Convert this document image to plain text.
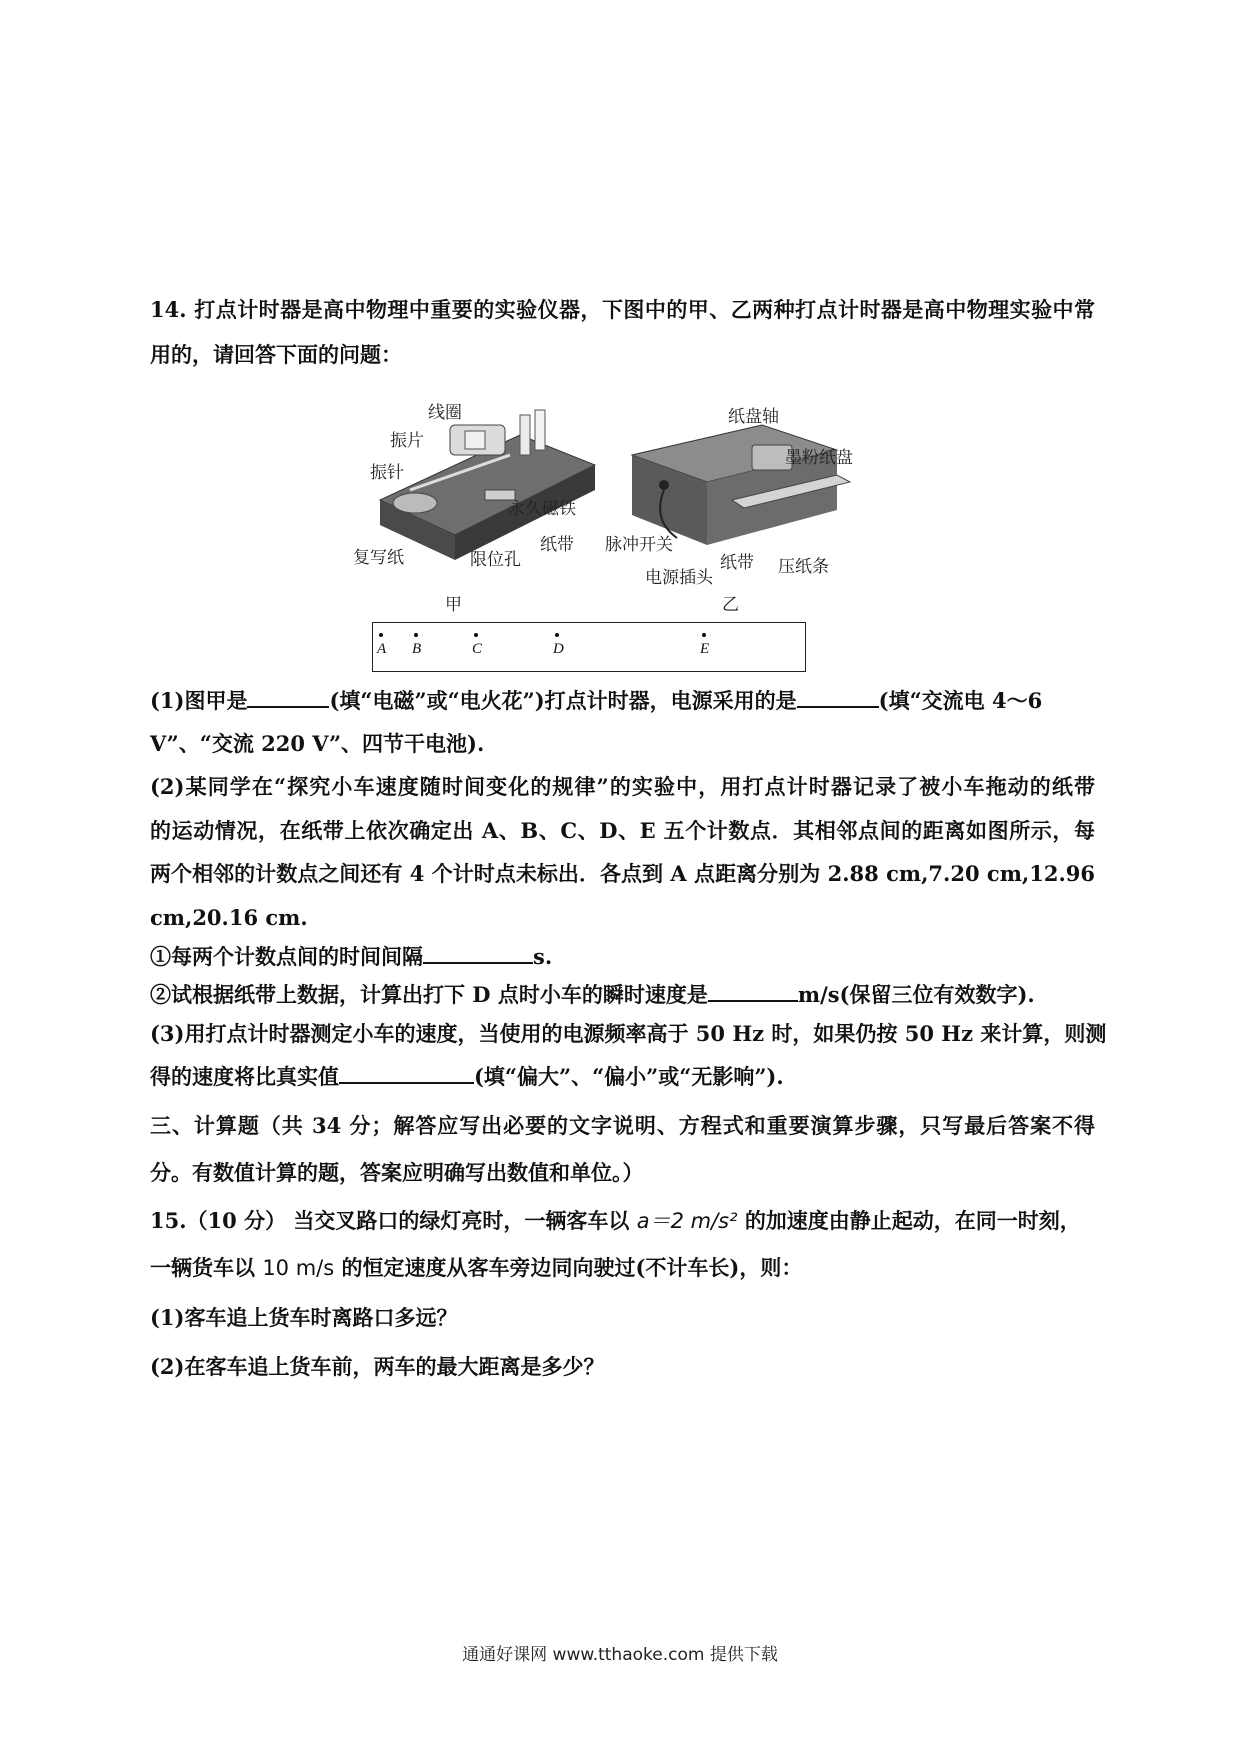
14. 打点计时器是高中物理中重要的实验仪器，下图中的甲、乙两种打点计时器是高中物理实验中常
用的，请回答下面的问题：
线圈
振片
振针
永久磁铁
复写纸	限位孔
纸带
甲
纸盘轴
墨粉纸盘
脉冲开关
电源插头
纸带 压纸条
乙
A B	C	D	E
(1)图甲是	(填“电磁”或“电火花”)打点计时器，电源采用的是	(填“交流电 4～6
V”、“交流 220 V”、四节干电池).
(2)某同学在“探究小车速度随时间变化的规律”的实验中，用打点计时器记录了被小车拖动的纸带
的运动情况，在纸带上依次确定出 A、B、C、D、E 五个计数点．其相邻点间的距离如图所示，每
两个相邻的计数点之间还有 4 个计时点未标出．各点到 A 点距离分别为 2.88 cm,7.20 cm,12.96
cm,20.16 cm.
①每两个计数点间的时间间隔	s.
②试根据纸带上数据，计算出打下 D 点时小车的瞬时速度是	m/s(保留三位有效数字).
(3)用打点计时器测定小车的速度，当使用的电源频率高于 50 Hz 时，如果仍按 50 Hz 来计算，则测
得的速度将比真实值	(填“偏大”、“偏小”或“无影响”).
三、计算题（共 34 分；解答应写出必要的文字说明、方程式和重要演算步骤，只写最后答案不得
分。有数值计算的题，答案应明确写出数值和单位。）
15.（10 分） 当交叉路口的绿灯亮时，一辆客车以 a＝2 m/s² 的加速度由静止起动，在同一时刻，
一辆货车以 10 m/s 的恒定速度从客车旁边同向驶过(不计车长)，则：
(1)客车追上货车时离路口多远？
(2)在客车追上货车前，两车的最大距离是多少？
通通好课网 www.tthaoke.com 提供下载
